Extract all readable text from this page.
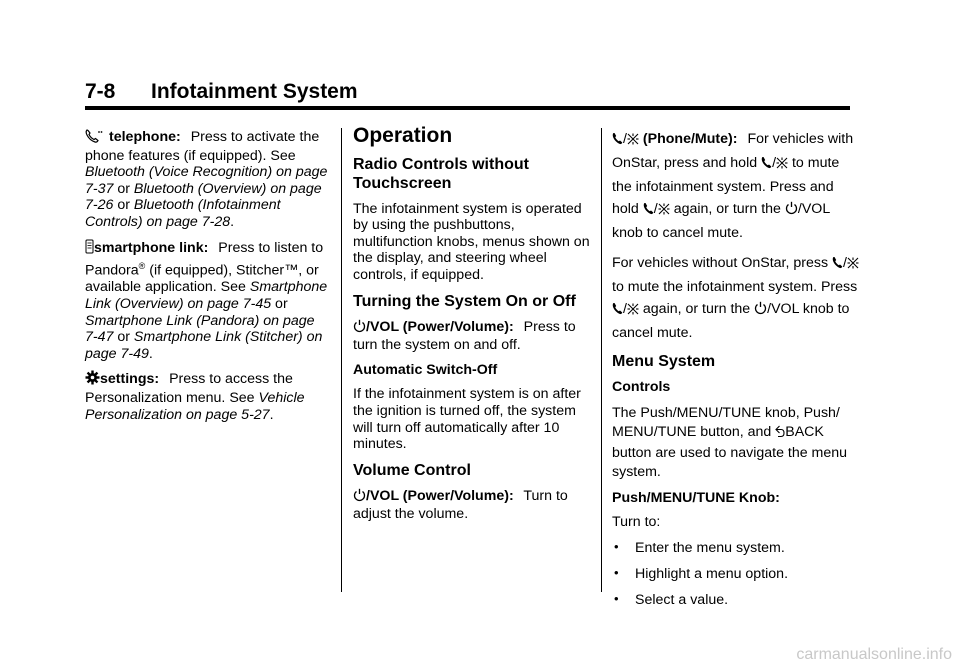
7-8 Infotainment System

telephone: Press to activate the phone features (if equipped). See Bluetooth (Voice Recognition) on page 7-37 or Bluetooth (Overview) on page 7-26 or Bluetooth (Infotainment Controls) on page 7-28.

smartphone link: Press to listen to Pandora® (if equipped), Stitcher™, or available application. See Smartphone Link (Overview) on page 7-45 or Smartphone Link (Pandora) on page 7-47 or Smartphone Link (Stitcher) on page 7-49.

settings: Press to access the Personalization menu. See Vehicle Personalization on page 5-27.

Operation
Radio Controls without Touchscreen

The infotainment system is operated by using the pushbuttons, multifunction knobs, menus shown on the display, and steering wheel controls, if equipped.

Turning the System On or Off

/VOL (Power/Volume): Press to turn the system on and off.

Automatic Switch-Off

If the infotainment system is on after the ignition is turned off, the system will turn off automatically after 10 minutes.

Volume Control

/VOL (Power/Volume): Turn to adjust the volume.

/ (Phone/Mute): For vehicles with OnStar, press and hold / to mute the infotainment system. Press and hold / again, or turn the /VOL knob to cancel mute.

For vehicles without OnStar, press / to mute the infotainment system. Press / again, or turn the /VOL knob to cancel mute.

Menu System
Controls

The Push/MENU/TUNE knob, Push/ MENU/TUNE button, and BACK button are used to navigate the menu system.

Push/MENU/TUNE Knob:

Turn to:

• Enter the menu system.
• Highlight a menu option.
• Select a value.
carmanualsonline.info
